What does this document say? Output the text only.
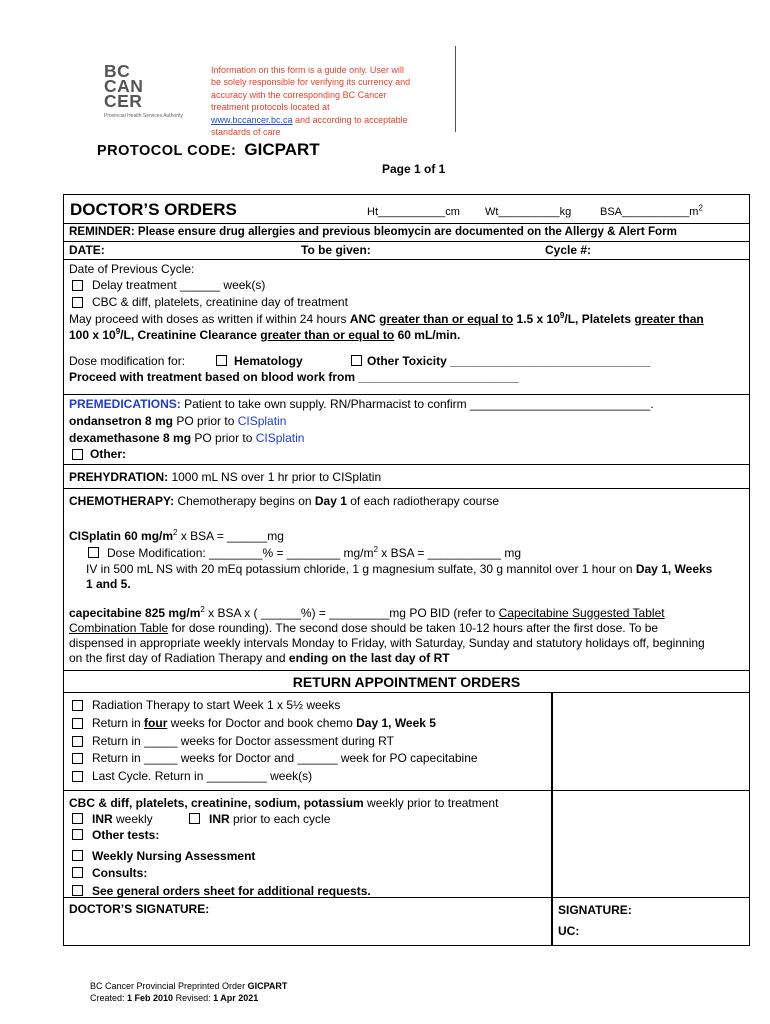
BC
CAN
CER
Provincial Health Services Authority
Information on this form is a guide only. User will
be solely responsible for verifying its currency and
accuracy with the corresponding BC Cancer
treatment protocols located at
www.bccancer.bc.ca and according to acceptable
standards of care
PROTOCOL CODE: GICPART
Page 1 of 1
DOCTOR’S ORDERS	Ht___________cm Wt__________kg	$BSA\_\_\_\_\_\_\_\_\_\_\_m^2$
REMINDER: Please ensure drug allergies and previous bleomycin are documented on the Allergy & Alert Form
DATE:	To be given:	Cycle #:
Date of Previous Cycle:
Delay treatment ______ week(s)
CBC & diff, platelets, creatinine day of treatment
May proceed with doses as written if within 24 hours ANC greater than or equal to 1.5 x $10^9/L$, Platelets greater than
100 x $10^9/L$, Creatinine Clearance greater than or equal to 60 mL/min.
Dose modification for:	Hematology	Other Toxicity ______________________________
Proceed with treatment based on blood work from ________________________
PREMEDICATIONS: Patient to take own supply. RN/Pharmacist to confirm ___________________________.
ondansetron 8 mg PO prior to CISplatin
dexamethasone 8 mg PO prior to CISplatin
Other:
PREHYDRATION: 1000 mL NS over 1 hr prior to CISplatin
CHEMOTHERAPY: Chemotherapy begins on Day 1 of each radiotherapy course
CISplatin 60 $mg/m^2$ x BSA = ______mg
Dose Modification: ________% = ________ $mg/m^2$ x BSA = ___________ mg
IV in 500 mL NS with 20 mEq potassium chloride, 1 g magnesium sulfate, 30 g mannitol over 1 hour on Day 1, Weeks
1 and 5.
capecitabine 825 $mg/m^2$ x BSA x ( ______%) = _________mg PO BID (refer to Capecitabine Suggested Tablet
Combination Table for dose rounding). The second dose should be taken 10-12 hours after the first dose. To be
dispensed in appropriate weekly intervals Monday to Friday, with Saturday, Sunday and statutory holidays off, beginning
on the first day of Radiation Therapy and ending on the last day of RT
RETURN APPOINTMENT ORDERS
Radiation Therapy to start Week 1 x 5½ weeks
Return in four weeks for Doctor and book chemo Day 1, Week 5
Return in _____ weeks for Doctor assessment during RT
Return in _____ weeks for Doctor and ______ week for PO capecitabine
Last Cycle. Return in _________ week(s)
CBC & diff, platelets, creatinine, sodium, potassium weekly prior to treatment
INR weekly	INR prior to each cycle
Other tests:
Weekly Nursing Assessment
Consults:
See general orders sheet for additional requests.
DOCTOR’S SIGNATURE:	SIGNATURE:
UC:
BC Cancer Provincial Preprinted Order GICPART
Created: 1 Feb 2010 Revised: 1 Apr 2021
